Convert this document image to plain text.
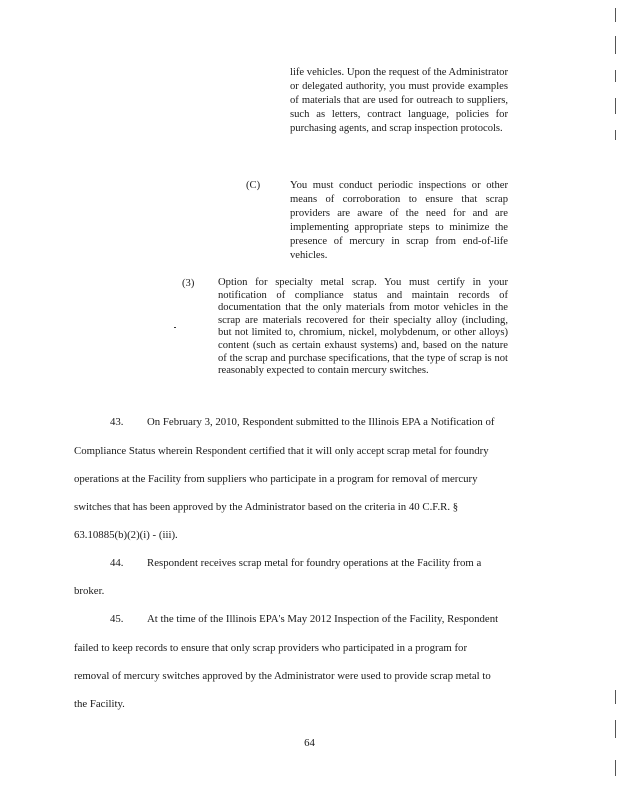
life vehicles. Upon the request of the Administrator or delegated authority, you must provide examples of materials that are used for outreach to suppliers, such as letters, contract language, policies for purchasing agents, and scrap inspection protocols.
(C)	You must conduct periodic inspections or other means of corroboration to ensure that scrap providers are aware of the need for and are implementing appropriate steps to minimize the presence of mercury in scrap from end-of-life vehicles.
(3) Option for specialty metal scrap. You must certify in your notification of compliance status and maintain records of documentation that the only materials from motor vehicles in the scrap are materials recovered for their specialty alloy (including, but not limited to, chromium, nickel, molybdenum, or other alloys) content (such as certain exhaust systems) and, based on the nature of the scrap and purchase specifications, that the type of scrap is not reasonably expected to contain mercury switches.
43. On February 3, 2010, Respondent submitted to the Illinois EPA a Notification of
Compliance Status wherein Respondent certified that it will only accept scrap metal for foundry
operations at the Facility from suppliers who participate in a program for removal of mercury
switches that has been approved by the Administrator based on the criteria in 40 C.F.R. §
63.10885(b)(2)(i) - (iii).
44. Respondent receives scrap metal for foundry operations at the Facility from a
broker.
45. At the time of the Illinois EPA's May 2012 Inspection of the Facility, Respondent
failed to keep records to ensure that only scrap providers who participated in a program for
removal of mercury switches approved by the Administrator were used to provide scrap metal to
the Facility.
64
